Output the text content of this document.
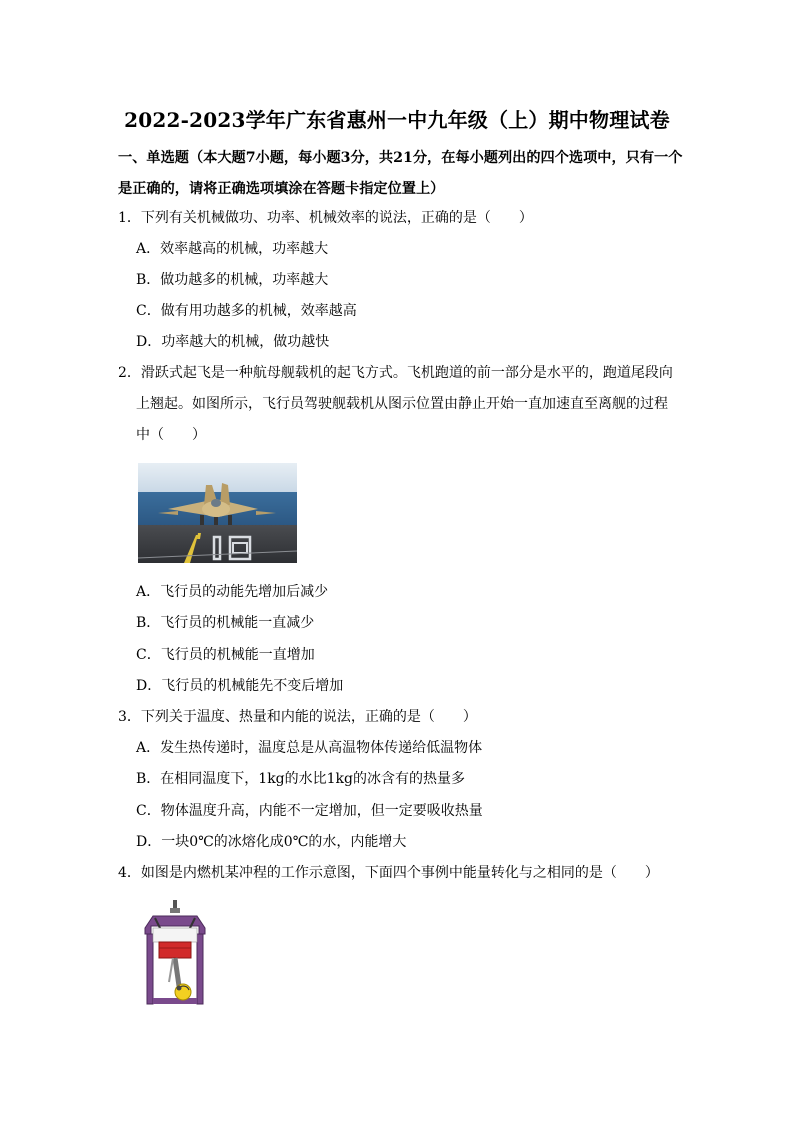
2022-2023学年广东省惠州一中九年级（上）期中物理试卷
一、单选题（本大题7小题，每小题3分，共21分，在每小题列出的四个选项中，只有一个是正确的，请将正确选项填涂在答题卡指定位置上）
1．下列有关机械做功、功率、机械效率的说法，正确的是（　　）
A．效率越高的机械，功率越大
B．做功越多的机械，功率越大
C．做有用功越多的机械，效率越高
D．功率越大的机械，做功越快
2．滑跃式起飞是一种航母舰载机的起飞方式。飞机跑道的前一部分是水平的，跑道尾段向
上翘起。如图所示，飞行员驾驶舰载机从图示位置由静止开始一直加速直至离舰的过程
中（　　）
A．飞行员的动能先增加后减少
B．飞行员的机械能一直减少
C．飞行员的机械能一直增加
D．飞行员的机械能先不变后增加
3．下列关于温度、热量和内能的说法，正确的是（　　）
A．发生热传递时，温度总是从高温物体传递给低温物体
B．在相同温度下，1kg的水比1kg的冰含有的热量多
C．物体温度升高，内能不一定增加，但一定要吸收热量
D．一块0℃的冰熔化成0℃的水，内能增大
4．如图是内燃机某冲程的工作示意图，下面四个事例中能量转化与之相同的是（　　）
